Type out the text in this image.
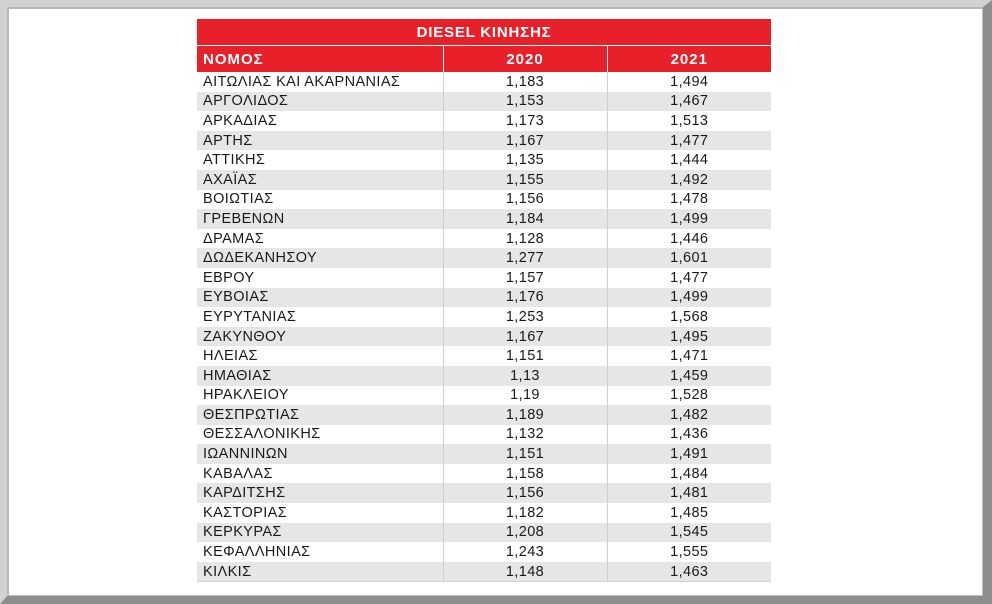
DIESEL ΚΙΝΗΣΗΣ		
ΝΟΜΟΣ	2020	2021
ΑΙΤΩΛΙΑΣ ΚΑΙ ΑΚΑΡΝΑΝΙΑΣ	1,183	1,494
ΑΡΓΟΛΙΔΟΣ	1,153	1,467
ΑΡΚΑΔΙΑΣ	1,173	1,513
ΑΡΤΗΣ	1,167	1,477
ΑΤΤΙΚΗΣ	1,135	1,444
ΑΧΑΪΑΣ	1,155	1,492
ΒΟΙΩΤΙΑΣ	1,156	1,478
ΓΡΕΒΕΝΩΝ	1,184	1,499
ΔΡΑΜΑΣ	1,128	1,446
ΔΩΔΕΚΑΝΗΣΟΥ	1,277	1,601
ΕΒΡΟΥ	1,157	1,477
ΕΥΒΟΙΑΣ	1,176	1,499
ΕΥΡΥΤΑΝΙΑΣ	1,253	1,568
ΖΑΚΥΝΘΟΥ	1,167	1,495
ΗΛΕΙΑΣ	1,151	1,471
ΗΜΑΘΙΑΣ	1,13	1,459
ΗΡΑΚΛΕΙΟΥ	1,19	1,528
ΘΕΣΠΡΩΤΙΑΣ	1,189	1,482
ΘΕΣΣΑΛΟΝΙΚΗΣ	1,132	1,436
ΙΩΑΝΝΙΝΩΝ	1,151	1,491
ΚΑΒΑΛΑΣ	1,158	1,484
ΚΑΡΔΙΤΣΗΣ	1,156	1,481
ΚΑΣΤΟΡΙΑΣ	1,182	1,485
ΚΕΡΚΥΡΑΣ	1,208	1,545
ΚΕΦΑΛΛΗΝΙΑΣ	1,243	1,555
ΚΙΛΚΙΣ	1,148	1,463
